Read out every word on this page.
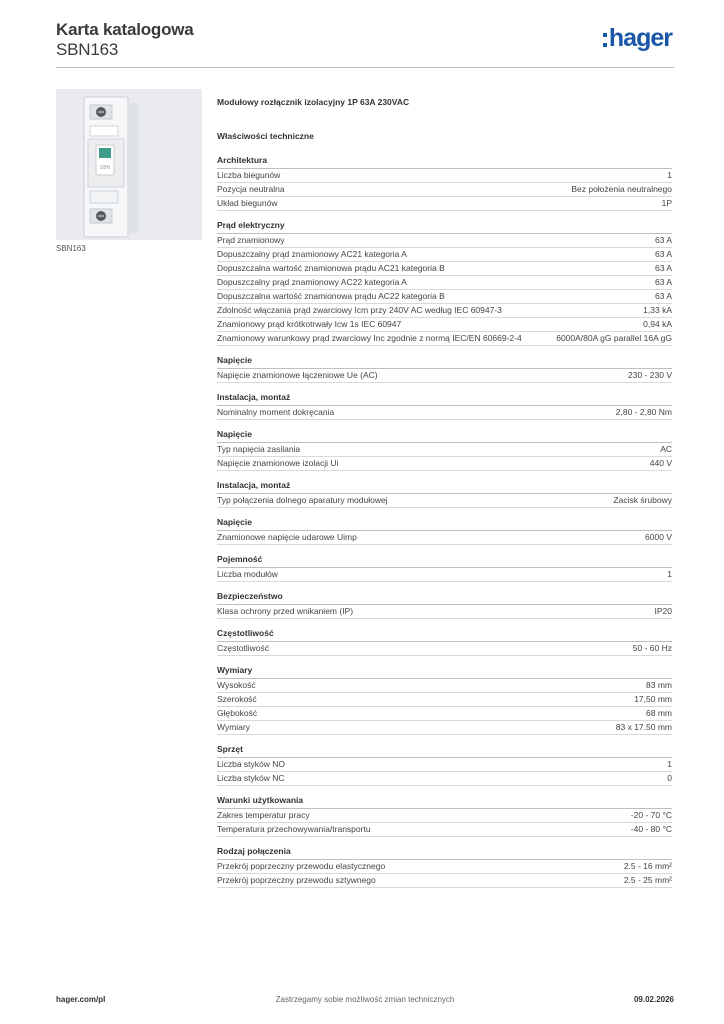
Karta katalogowa
SBN163	hager
SBN
SBN163
Modułowy rozłącznik izolacyjny 1P 63A 230VAC
Właściwości techniczne
Architektura
Liczba biegunów	1
Pozycja neutralna	Bez położenia neutralnego
Układ biegunów	1P
Prąd elektryczny
Prąd znamionowy	63 A
Dopuszczalny prąd znamionowy AC21 kategoria A	63 A
Dopuszczalna wartość znamionowa prądu AC21 kategoria B	63 A
Dopuszczalny prąd znamionowy AC22 kategoria A	63 A
Dopuszczalna wartość znamionowa prądu AC22 kategoria B	63 A
Zdolność włączania prąd zwarciowy Icm przy 240V AC według IEC 60947-3	1,33 kA
Znamionowy prąd krótkotrwały Icw 1s IEC 60947	0,94 kA
Znamionowy warunkowy prąd zwarciowy Inc zgodnie z normą IEC/EN 60669-2-4	6000A/80A gG parallel 16A gG
Napięcie
Napięcie znamionowe łączeniowe Ue (AC)	230 - 230 V
Instalacja, montaż
Nominalny moment dokręcania	2,80 - 2,80 Nm
Napięcie
Typ napięcia zasilania	AC
Napięcie znamionowe izolacji Ui	440 V
Instalacja, montaż
Typ połączenia dolnego aparatury modułowej	Zacisk śrubowy
Napięcie
Znamionowe napięcie udarowe Uimp	6000 V
Pojemność
Liczba modułów	1
Bezpieczeństwo
Klasa ochrony przed wnikaniem (IP)	IP20
Częstotliwość
Częstotliwość	50 - 60 Hz
Wymiary
Wysokość	83 mm
Szerokość	17,50 mm
Głębokość	68 mm
Wymiary	83 x 17.50 mm
Sprzęt
Liczba styków NO	1
Liczba styków NC	0
Warunki użytkowania
Zakres temperatur pracy	-20 - 70 °C
Temperatura przechowywania/transportu	-40 - 80 °C
Rodzaj połączenia
Przekrój poprzeczny przewodu elastycznego	2.5 - 16 mm²
Przekrój poprzeczny przewodu sztywnego	2.5 - 25 mm²
Zastrzegamy sobie możliwość zmian technicznych
hager.com/pl	09.02.2026
